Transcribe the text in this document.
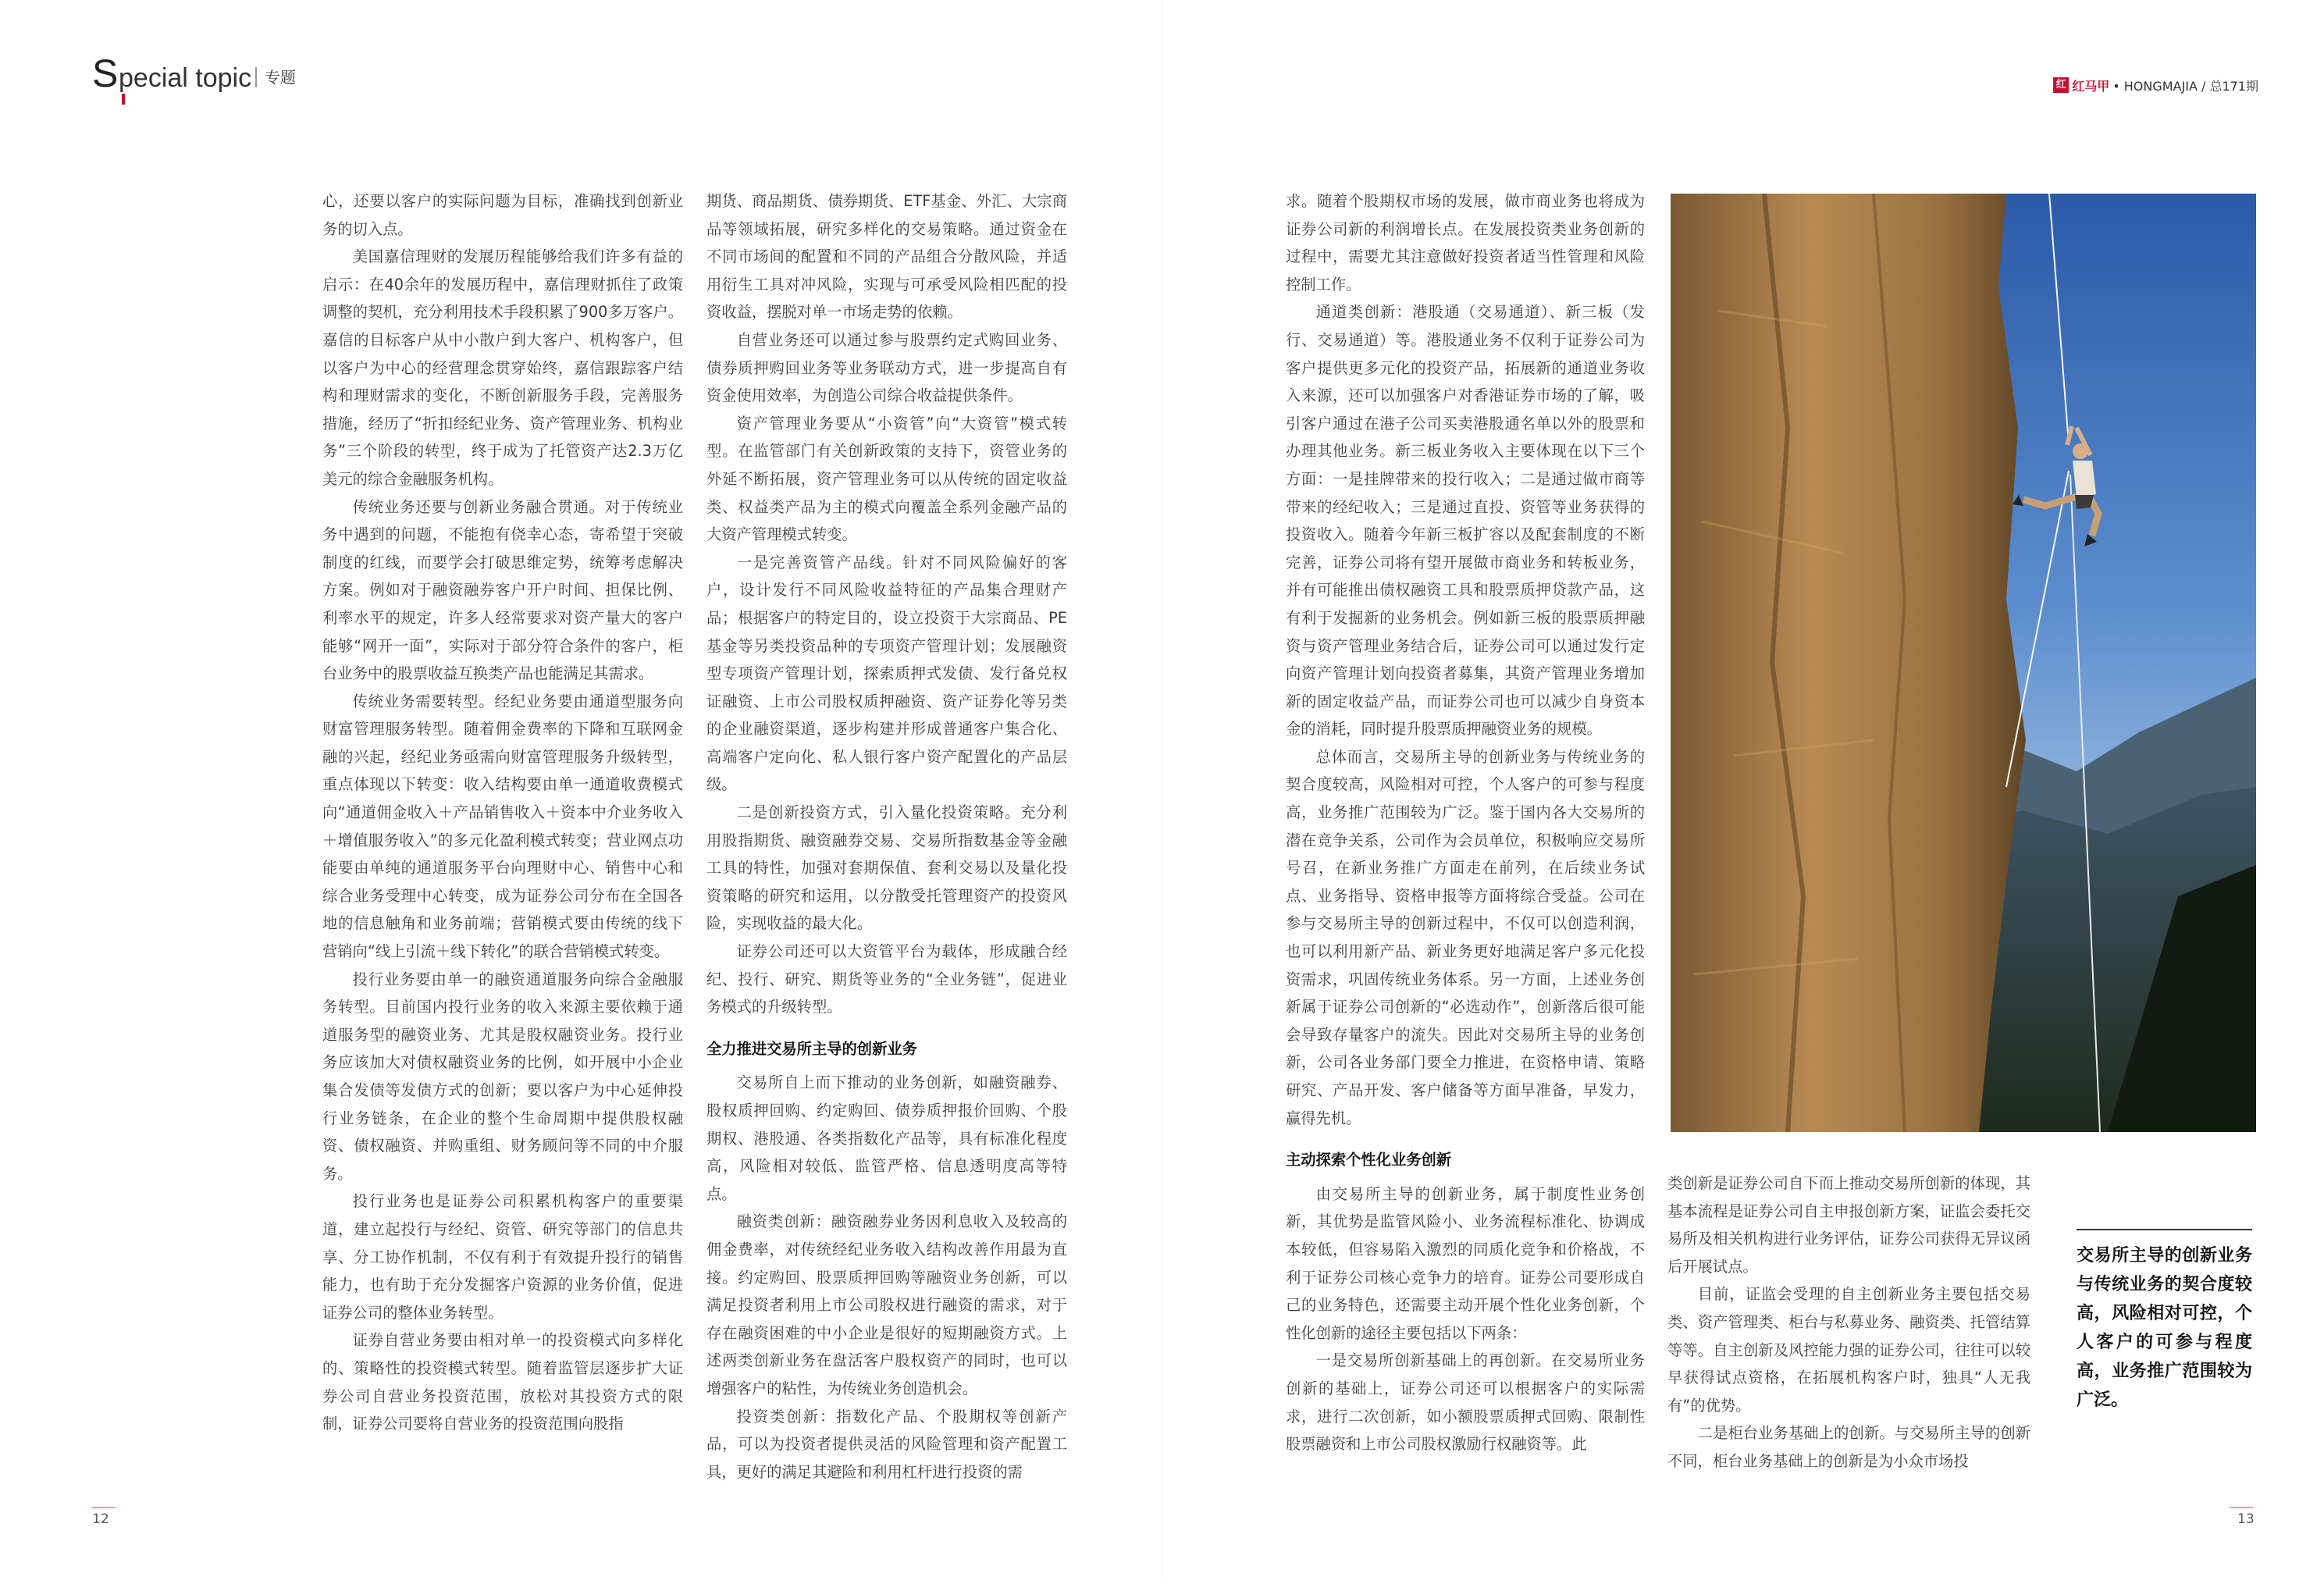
S pecial topic 专题	红 红马甲 • HONGMAJIA / 总171期

心，还要以客户的实际问题为目标，准确找到创新业务的切入点。

美国嘉信理财的发展历程能够给我们许多有益的启示：在40余年的发展历程中，嘉信理财抓住了政策调整的契机，充分利用技术手段积累了900多万客户。嘉信的目标客户从中小散户到大客户、机构客户，但以客户为中心的经营理念贯穿始终，嘉信跟踪客户结构和理财需求的变化，不断创新服务手段，完善服务措施，经历了“折扣经纪业务、资产管理业务、机构业务”三个阶段的转型，终于成为了托管资产达2.3万亿美元的综合金融服务机构。

传统业务还要与创新业务融合贯通。对于传统业务中遇到的问题，不能抱有侥幸心态，寄希望于突破制度的红线，而要学会打破思维定势，统筹考虑解决方案。例如对于融资融券客户开户时间、担保比例、利率水平的规定，许多人经常要求对资产量大的客户能够“网开一面”，实际对于部分符合条件的客户，柜台业务中的股票收益互换类产品也能满足其需求。

传统业务需要转型。经纪业务要由通道型服务向财富管理服务转型。随着佣金费率的下降和互联网金融的兴起，经纪业务亟需向财富管理服务升级转型，重点体现以下转变：收入结构要由单一通道收费模式向“通道佣金收入＋产品销售收入＋资本中介业务收入＋增值服务收入”的多元化盈利模式转变；营业网点功能要由单纯的通道服务平台向理财中心、销售中心和综合业务受理中心转变，成为证券公司分布在全国各地的信息触角和业务前端；营销模式要由传统的线下营销向“线上引流＋线下转化”的联合营销模式转变。

投行业务要由单一的融资通道服务向综合金融服务转型。目前国内投行业务的收入来源主要依赖于通道服务型的融资业务、尤其是股权融资业务。投行业务应该加大对债权融资业务的比例，如开展中小企业集合发债等发债方式的创新；要以客户为中心延伸投行业务链条，在企业的整个生命周期中提供股权融资、债权融资、并购重组、财务顾问等不同的中介服务。

投行业务也是证券公司积累机构客户的重要渠道，建立起投行与经纪、资管、研究等部门的信息共享、分工协作机制，不仅有利于有效提升投行的销售能力，也有助于充分发掘客户资源的业务价值，促进证券公司的整体业务转型。

证券自营业务要由相对单一的投资模式向多样化的、策略性的投资模式转型。随着监管层逐步扩大证券公司自营业务投资范围，放松对其投资方式的限制，证券公司要将自营业务的投资范围向股指

期货、商品期货、债券期货、ETF基金、外汇、大宗商品等领域拓展，研究多样化的交易策略。通过资金在不同市场间的配置和不同的产品组合分散风险，并适用衍生工具对冲风险，实现与可承受风险相匹配的投资收益，摆脱对单一市场走势的依赖。

自营业务还可以通过参与股票约定式购回业务、债券质押购回业务等业务联动方式，进一步提高自有资金使用效率，为创造公司综合收益提供条件。

资产管理业务要从“小资管”向“大资管”模式转型。在监管部门有关创新政策的支持下，资管业务的外延不断拓展，资产管理业务可以从传统的固定收益类、权益类产品为主的模式向覆盖全系列金融产品的大资产管理模式转变。

一是完善资管产品线。针对不同风险偏好的客户，设计发行不同风险收益特征的产品集合理财产品；根据客户的特定目的，设立投资于大宗商品、PE基金等另类投资品种的专项资产管理计划；发展融资型专项资产管理计划，探索质押式发债、发行备兑权证融资、上市公司股权质押融资、资产证券化等另类的企业融资渠道，逐步构建并形成普通客户集合化、高端客户定向化、私人银行客户资产配置化的产品层级。

二是创新投资方式，引入量化投资策略。充分利用股指期货、融资融券交易、交易所指数基金等金融工具的特性，加强对套期保值、套利交易以及量化投资策略的研究和运用，以分散受托管理资产的投资风险，实现收益的最大化。

证券公司还可以大资管平台为载体，形成融合经纪、投行、研究、期货等业务的“全业务链”，促进业务模式的升级转型。

全力推进交易所主导的创新业务

交易所自上而下推动的业务创新，如融资融券、股权质押回购、约定购回、债券质押报价回购、个股期权、港股通、各类指数化产品等，具有标准化程度高，风险相对较低、监管严格、信息透明度高等特点。

融资类创新：融资融券业务因利息收入及较高的佣金费率，对传统经纪业务收入结构改善作用最为直接。约定购回、股票质押回购等融资业务创新，可以满足投资者利用上市公司股权进行融资的需求，对于存在融资困难的中小企业是很好的短期融资方式。上述两类创新业务在盘活客户股权资产的同时，也可以增强客户的粘性，为传统业务创造机会。

投资类创新：指数化产品、个股期权等创新产品，可以为投资者提供灵活的风险管理和资产配置工具，更好的满足其避险和利用杠杆进行投资的需

求。随着个股期权市场的发展，做市商业务也将成为证券公司新的利润增长点。在发展投资类业务创新的过程中，需要尤其注意做好投资者适当性管理和风险控制工作。

通道类创新：港股通（交易通道）、新三板（发行、交易通道）等。港股通业务不仅利于证券公司为客户提供更多元化的投资产品，拓展新的通道业务收入来源，还可以加强客户对香港证券市场的了解，吸引客户通过在港子公司买卖港股通名单以外的股票和办理其他业务。新三板业务收入主要体现在以下三个方面：一是挂牌带来的投行收入；二是通过做市商等带来的经纪收入；三是通过直投、资管等业务获得的投资收入。随着今年新三板扩容以及配套制度的不断完善，证券公司将有望开展做市商业务和转板业务，并有可能推出债权融资工具和股票质押贷款产品，这有利于发掘新的业务机会。例如新三板的股票质押融资与资产管理业务结合后，证券公司可以通过发行定向资产管理计划向投资者募集，其资产管理业务增加新的固定收益产品，而证券公司也可以减少自身资本金的消耗，同时提升股票质押融资业务的规模。

总体而言，交易所主导的创新业务与传统业务的契合度较高，风险相对可控，个人客户的可参与程度高，业务推广范围较为广泛。鉴于国内各大交易所的潜在竞争关系，公司作为会员单位，积极响应交易所号召，在新业务推广方面走在前列，在后续业务试点、业务指导、资格申报等方面将综合受益。公司在参与交易所主导的创新过程中，不仅可以创造利润，也可以利用新产品、新业务更好地满足客户多元化投资需求，巩固传统业务体系。另一方面，上述业务创新属于证券公司创新的“必选动作”，创新落后很可能会导致存量客户的流失。因此对交易所主导的业务创新，公司各业务部门要全力推进，在资格申请、策略研究、产品开发、客户储备等方面早准备，早发力，赢得先机。

主动探索个性化业务创新

由交易所主导的创新业务，属于制度性业务创新，其优势是监管风险小、业务流程标准化、协调成本较低，但容易陷入激烈的同质化竞争和价格战，不利于证券公司核心竞争力的培育。证券公司要形成自己的业务特色，还需要主动开展个性化业务创新，个性化创新的途径主要包括以下两条：

一是交易所创新基础上的再创新。在交易所业务创新的基础上，证券公司还可以根据客户的实际需求，进行二次创新，如小额股票质押式回购、限制性股票融资和上市公司股权激励行权融资等。此

类创新是证券公司自下而上推动交易所创新的体现，其基本流程是证券公司自主申报创新方案，证监会委托交易所及相关机构进行业务评估，证券公司获得无异议函后开展试点。

目前，证监会受理的自主创新业务主要包括交易类、资产管理类、柜台与私募业务、融资类、托管结算等等。自主创新及风控能力强的证券公司，往往可以较早获得试点资格，在拓展机构客户时，独具“人无我有”的优势。

二是柜台业务基础上的创新。与交易所主导的创新不同，柜台业务基础上的创新是为小众市场投

交易所主导的创新业务与传统业务的契合度较高，风险相对可控，个人客户的可参与程度高，业务推广范围较为广泛。
12	13
